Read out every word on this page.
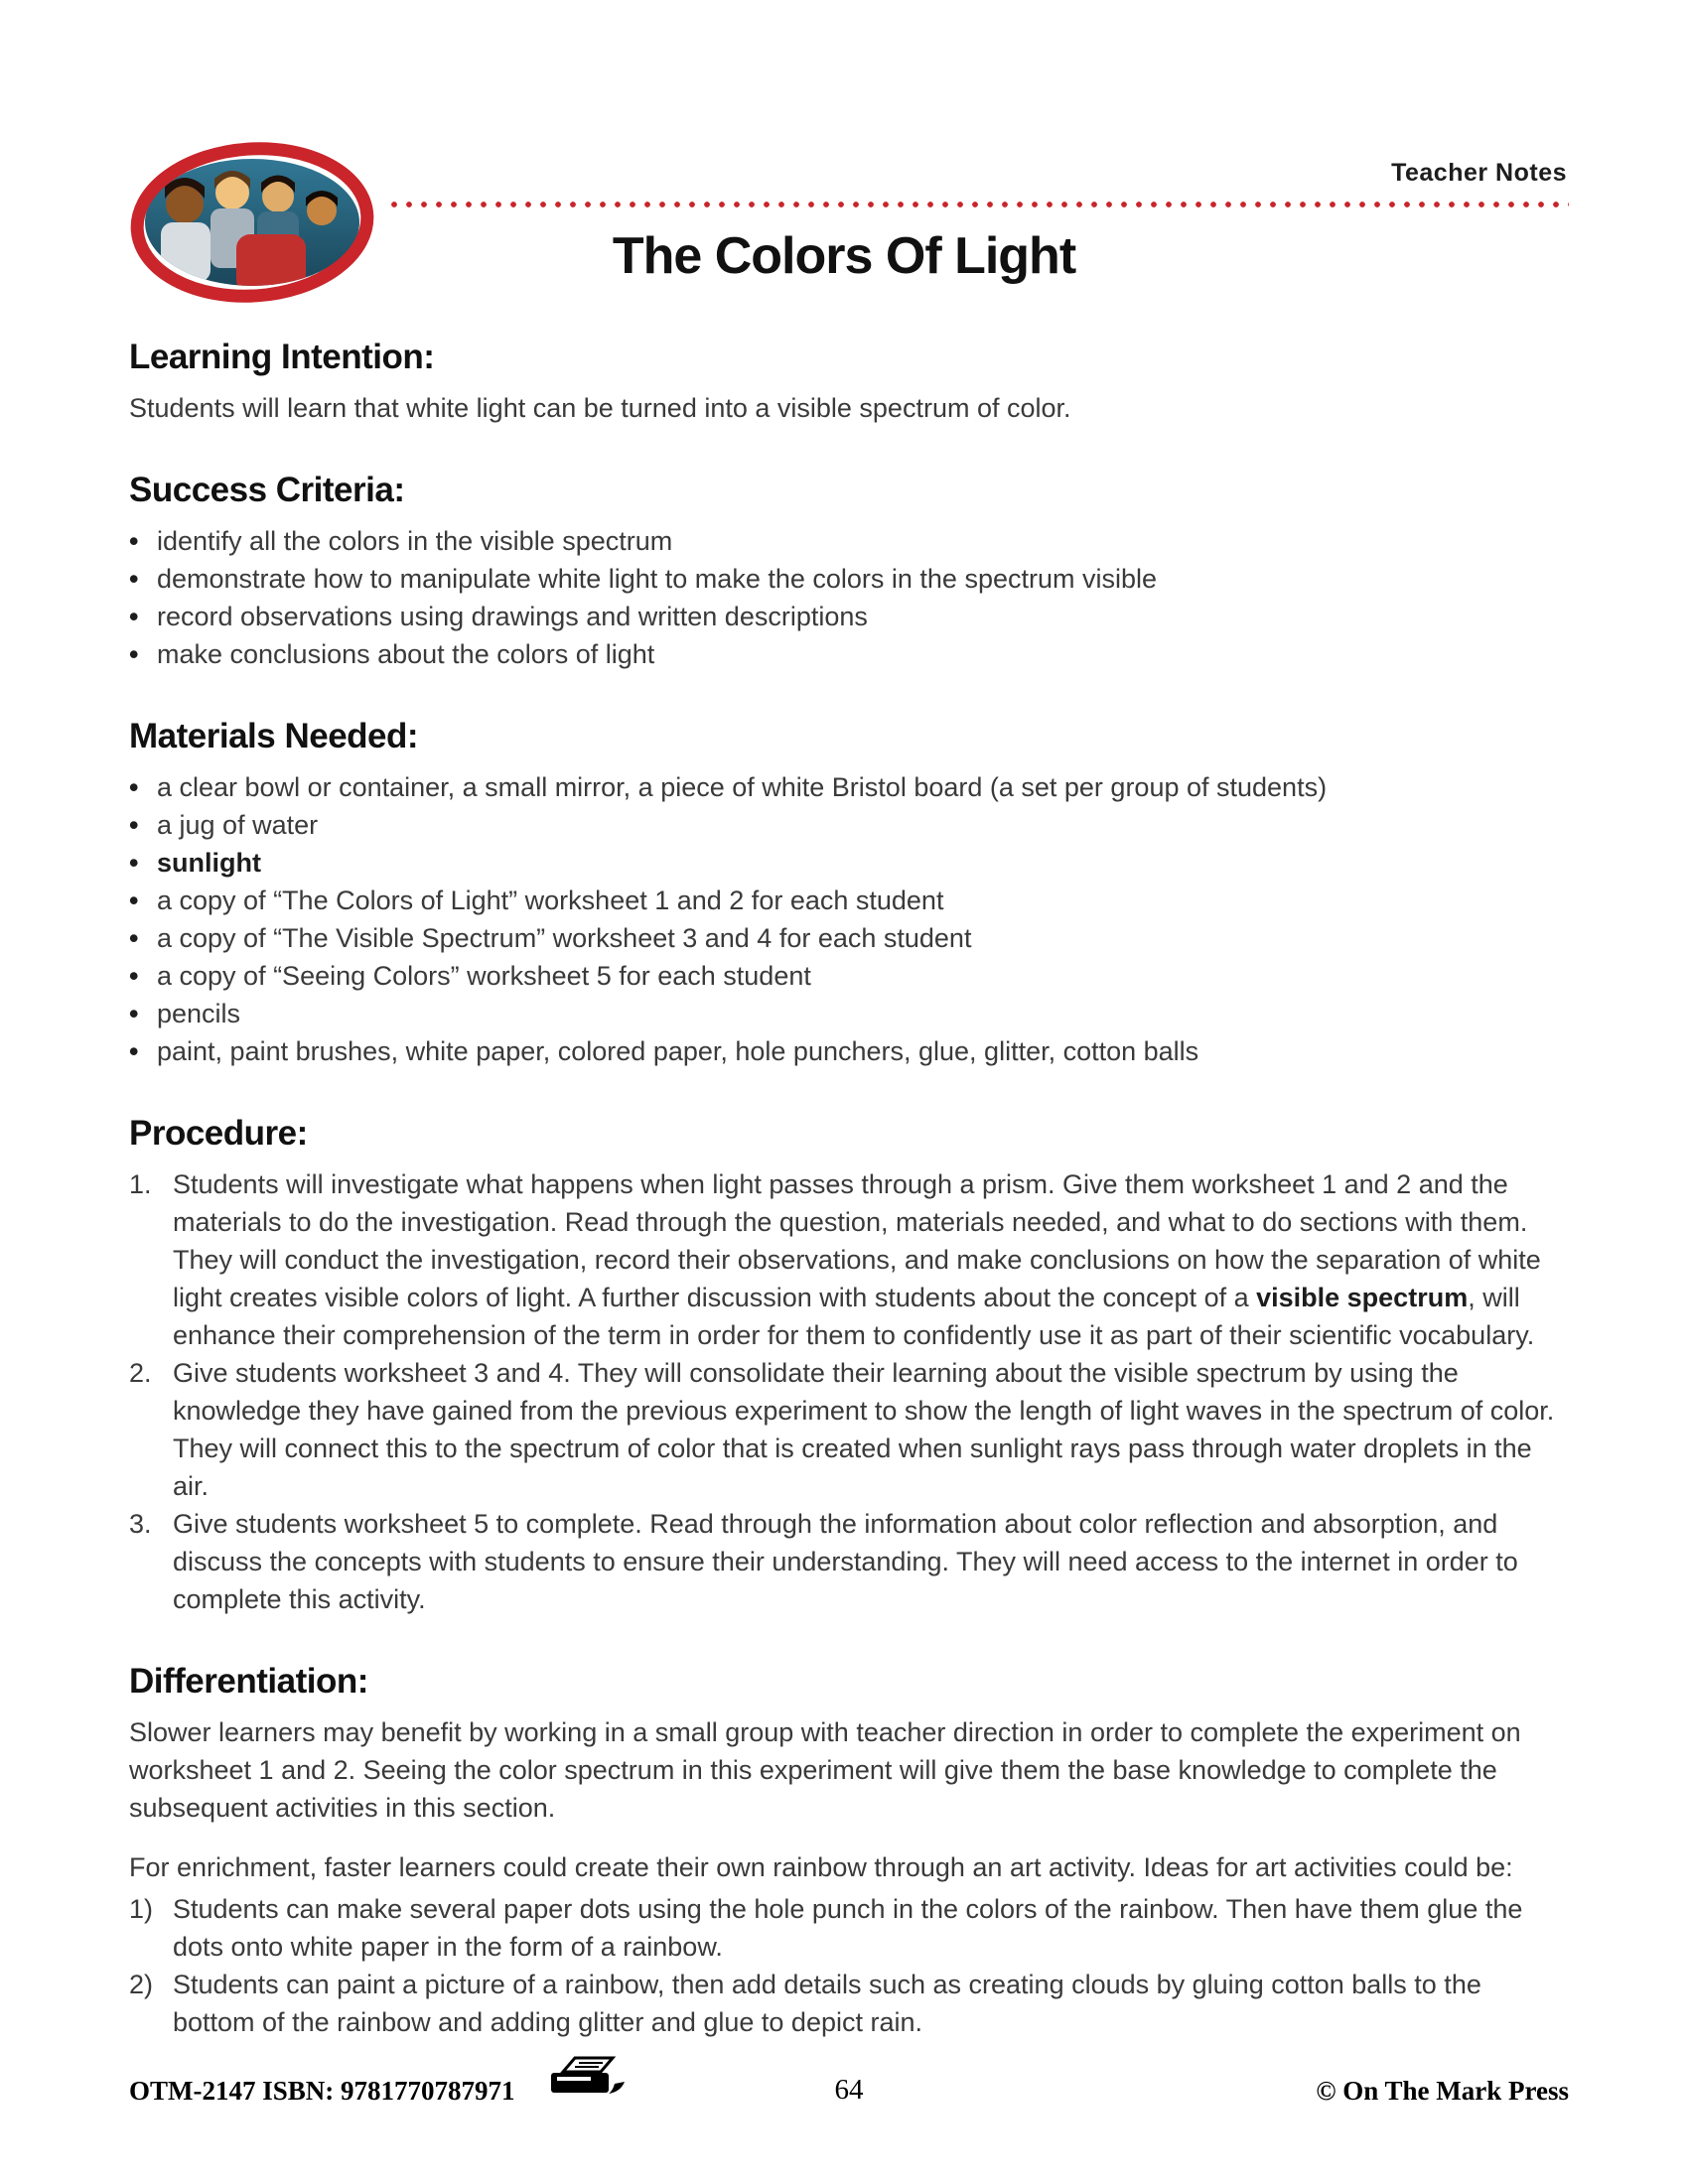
Teacher Notes
The Colors Of Light
Learning Intention:

Students will learn that white light can be turned into a visible spectrum of color.

Success Criteria:
• identify all the colors in the visible spectrum
• demonstrate how to manipulate white light to make the colors in the spectrum visible
• record observations using drawings and written descriptions
• make conclusions about the colors of light
Materials Needed:
• a clear bowl or container, a small mirror, a piece of white Bristol board (a set per group of students)
• a jug of water
• sunlight
• a copy of “The Colors of Light” worksheet 1 and 2 for each student
• a copy of “The Visible Spectrum” worksheet 3 and 4 for each student
• a copy of “Seeing Colors” worksheet 5 for each student
• pencils
• paint, paint brushes, white paper, colored paper, hole punchers, glue, glitter, cotton balls
Procedure:
1. Students will investigate what happens when light passes through a prism. Give them worksheet 1 and 2 and the materials to do the investigation. Read through the question, materials needed, and what to do sections with them. They will conduct the investigation, record their observations, and make conclusions on how the separation of white light creates visible colors of light. A further discussion with students about the concept of a visible spectrum, will enhance their comprehension of the term in order for them to confidently use it as part of their scientific vocabulary.
2. Give students worksheet 3 and 4. They will consolidate their learning about the visible spectrum by using the knowledge they have gained from the previous experiment to show the length of light waves in the spectrum of color. They will connect this to the spectrum of color that is created when sunlight rays pass through water droplets in the air.
3. Give students worksheet 5 to complete. Read through the information about color reflection and absorption, and discuss the concepts with students to ensure their understanding. They will need access to the internet in order to complete this activity.
Differentiation:

Slower learners may benefit by working in a small group with teacher direction in order to complete the experiment on worksheet 1 and 2. Seeing the color spectrum in this experiment will give them the base knowledge to complete the subsequent activities in this section.

For enrichment, faster learners could create their own rainbow through an art activity. Ideas for art activities could be:

1) Students can make several paper dots using the hole punch in the colors of the rainbow. Then have them glue the dots onto white paper in the form of a rainbow.
2) Students can paint a picture of a rainbow, then add details such as creating clouds by gluing cotton balls to the bottom of the rainbow and adding glitter and glue to depict rain.
OTM-2147 ISBN: 9781770787971	64	© On The Mark Press
